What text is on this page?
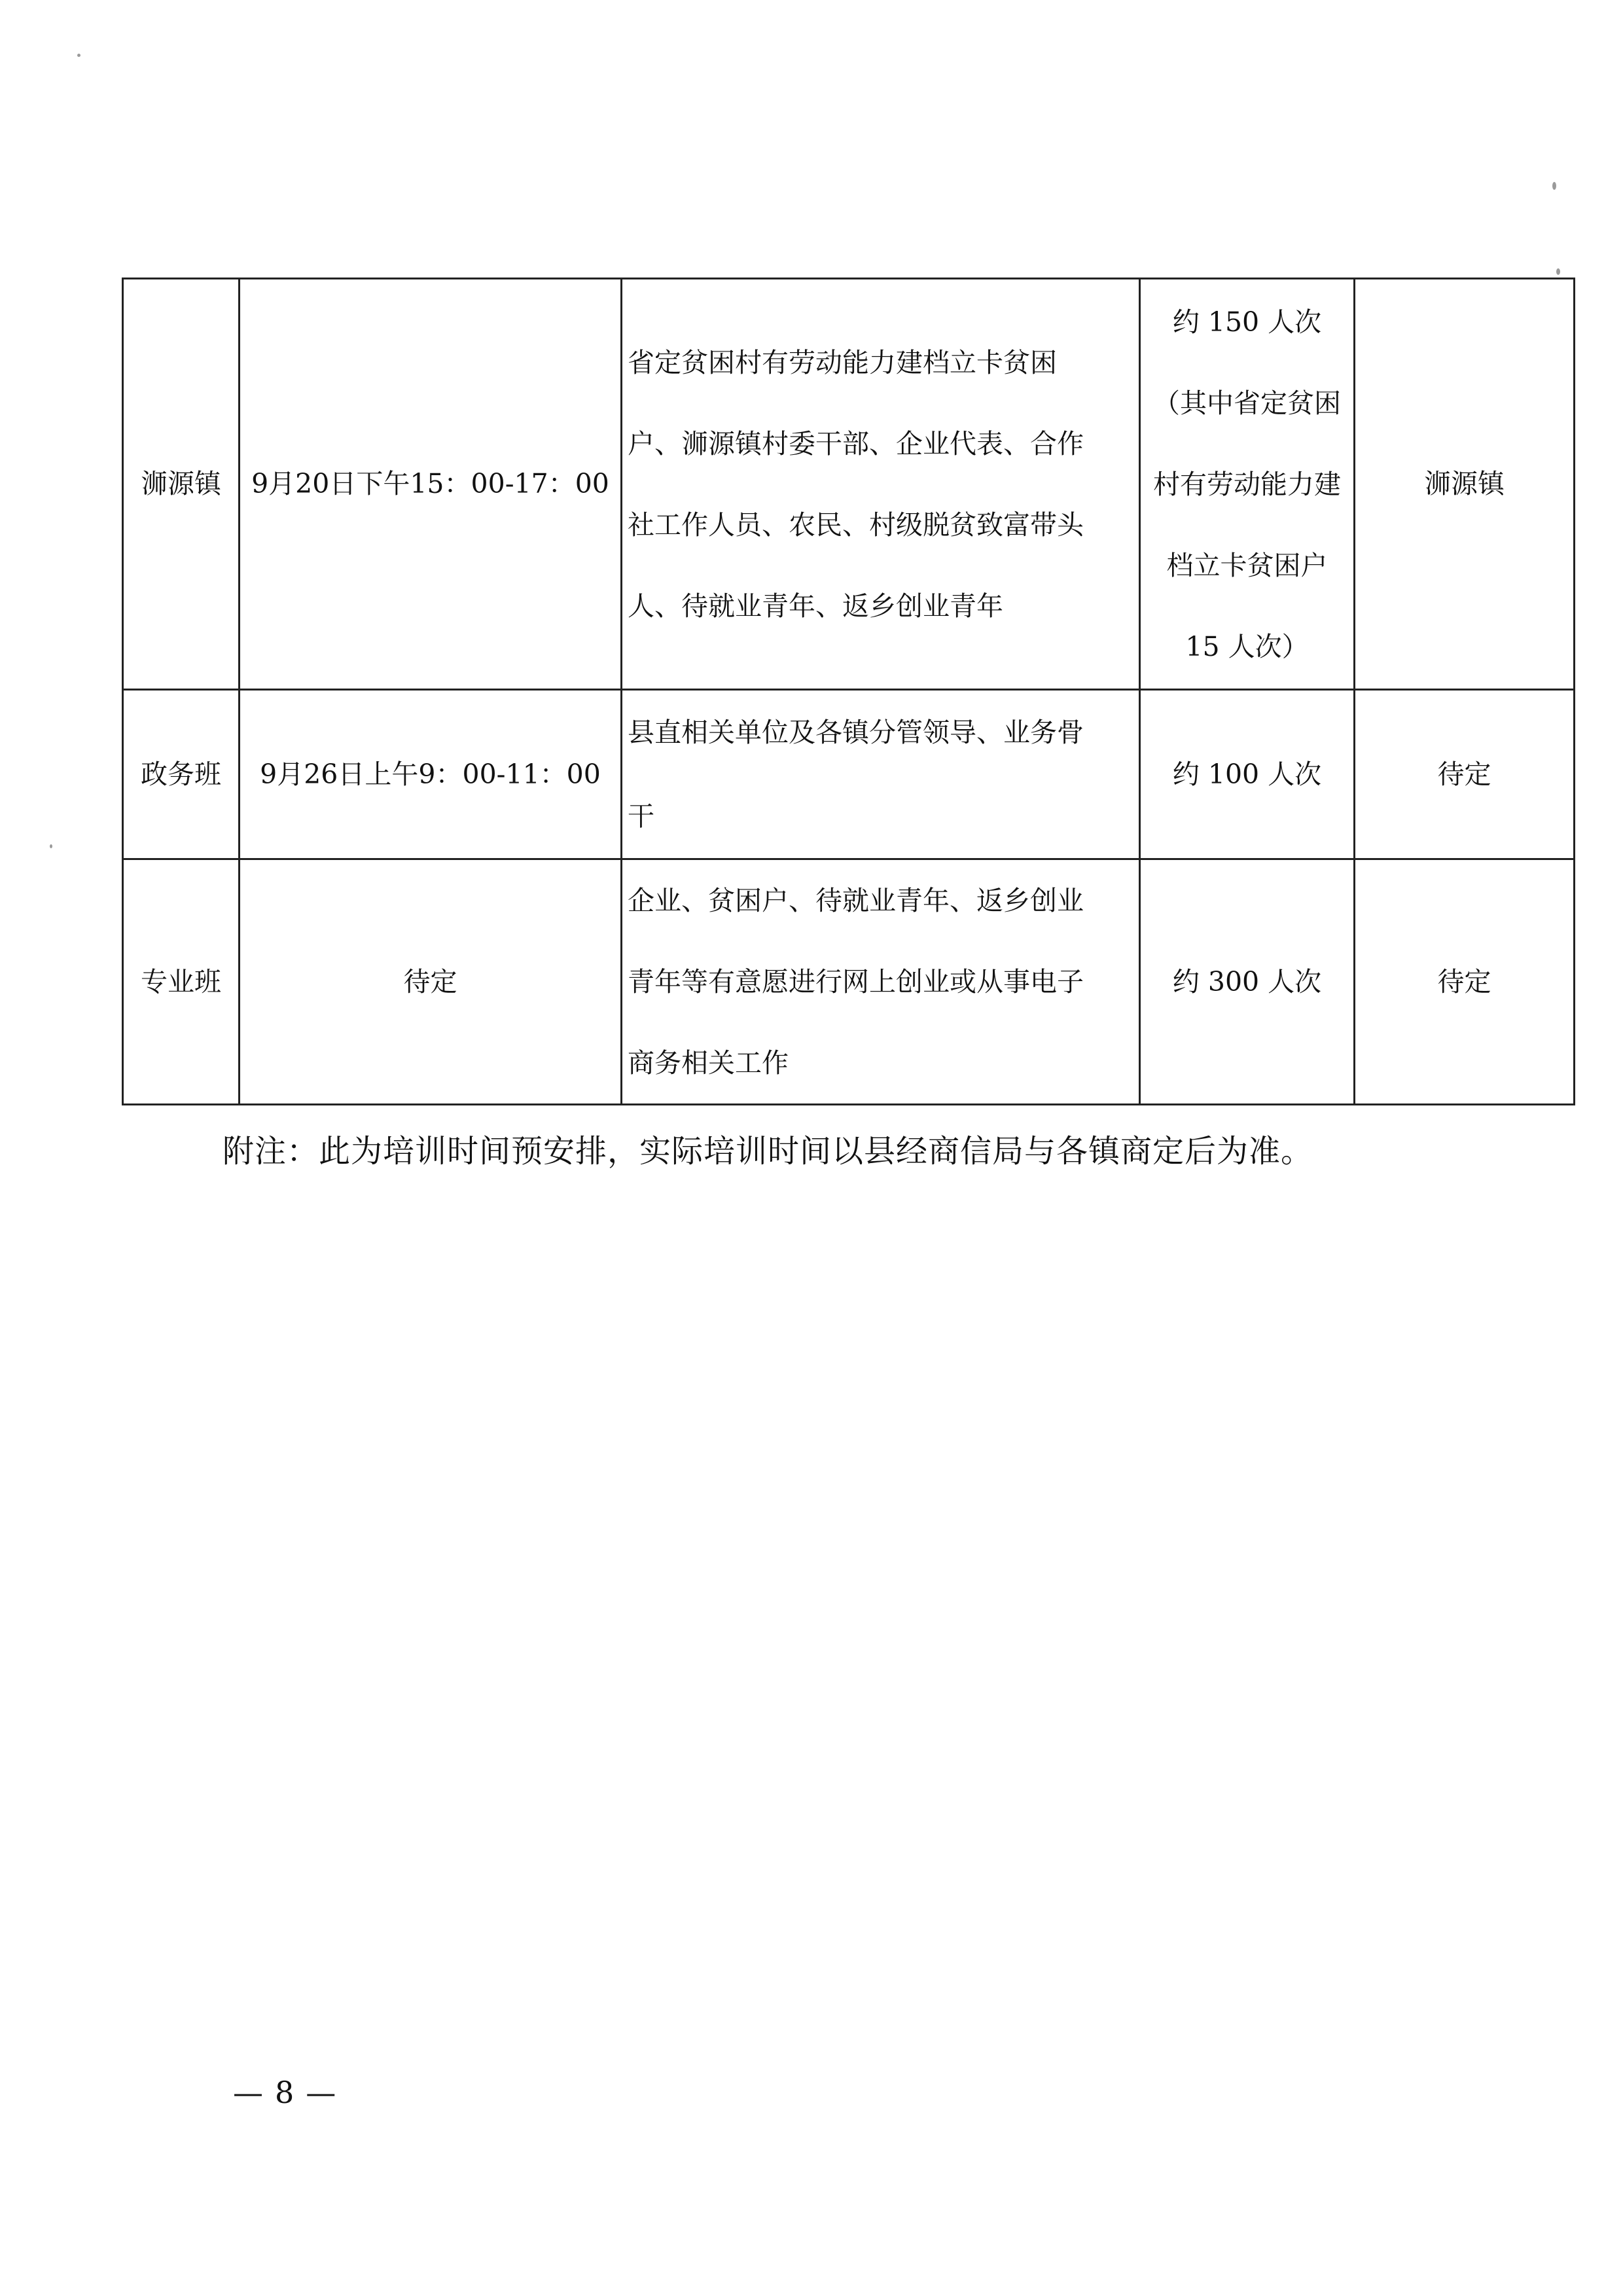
浉源镇	9月20日下午15：00-17：00	省定贫困村有劳动能力建档立卡贫困
户、浉源镇村委干部、企业代表、合作
社工作人员、农民、村级脱贫致富带头
人、待就业青年、返乡创业青年	约 150 人次
（其中省定贫困
村有劳动能力建
档立卡贫困户
15 人次）	浉源镇
政务班	9月26日上午9：00-11：00	县直相关单位及各镇分管领导、业务骨
干	约 100 人次	待定
专业班	待定	企业、贫困户、待就业青年、返乡创业
青年等有意愿进行网上创业或从事电子
商务相关工作	约 300 人次	待定
附注：此为培训时间预安排，实际培训时间以县经商信局与各镇商定后为准。
— 8 —
